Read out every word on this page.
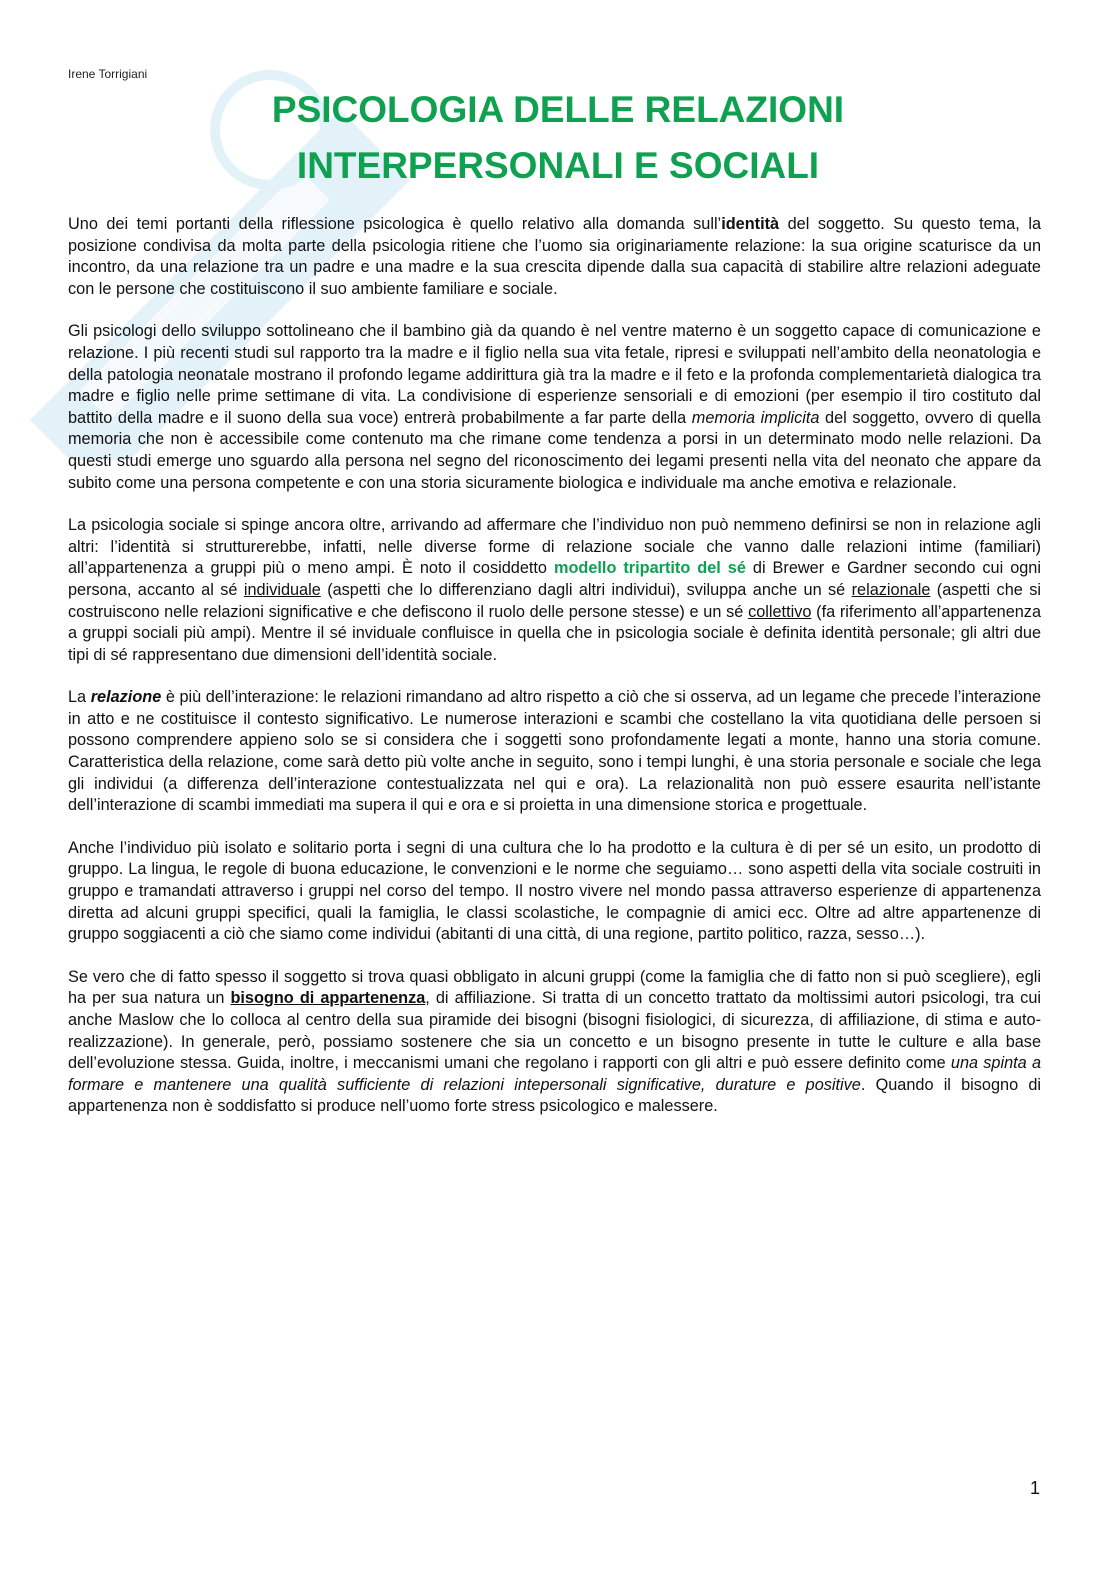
Irene Torrigiani
PSICOLOGIA DELLE RELAZIONI
INTERPERSONALI E SOCIALI

Uno dei temi portanti della riflessione psicologica è quello relativo alla domanda sull’identità del soggetto. Su questo tema, la posizione condivisa da molta parte della psicologia ritiene che l’uomo sia originariamente relazione: la sua origine scaturisce da un incontro, da una relazione tra un padre e una madre e la sua crescita dipende dalla sua capacità di stabilire altre relazioni adeguate con le persone che costituiscono il suo ambiente familiare e sociale.

Gli psicologi dello sviluppo sottolineano che il bambino già da quando è nel ventre materno è un soggetto capace di comunicazione e relazione. I più recenti studi sul rapporto tra la madre e il figlio nella sua vita fetale, ripresi e sviluppati nell’ambito della neonatologia e della patologia neonatale mostrano il profondo legame addirittura già tra la madre e il feto e la profonda complementarietà dialogica tra madre e figlio nelle prime settimane di vita. La condivisione di esperienze sensoriali e di emozioni (per esempio il tiro costituto dal battito della madre e il suono della sua voce) entrerà probabilmente a far parte della memoria implicita del soggetto, ovvero di quella memoria che non è accessibile come contenuto ma che rimane come tendenza a porsi in un determinato modo nelle relazioni. Da questi studi emerge uno sguardo alla persona nel segno del riconoscimento dei legami presenti nella vita del neonato che appare da subito come una persona competente e con una storia sicuramente biologica e individuale ma anche emotiva e relazionale.

La psicologia sociale si spinge ancora oltre, arrivando ad affermare che l’individuo non può nemmeno definirsi se non in relazione agli altri: l’identità si strutturerebbe, infatti, nelle diverse forme di relazione sociale che vanno dalle relazioni intime (familiari) all’appartenenza a gruppi più o meno ampi. È noto il cosiddetto modello tripartito del sé di Brewer e Gardner secondo cui ogni persona, accanto al sé individuale (aspetti che lo differenziano dagli altri individui), sviluppa anche un sé relazionale (aspetti che si costruiscono nelle relazioni significative e che defiscono il ruolo delle persone stesse) e un sé collettivo (fa riferimento all’appartenenza a gruppi sociali più ampi). Mentre il sé inviduale confluisce in quella che in psicologia sociale è definita identità personale; gli altri due tipi di sé rappresentano due dimensioni dell’identità sociale.

La relazione è più dell’interazione: le relazioni rimandano ad altro rispetto a ciò che si osserva, ad un legame che precede l’interazione in atto e ne costituisce il contesto significativo. Le numerose interazioni e scambi che costellano la vita quotidiana delle persoen si possono comprendere appieno solo se si considera che i soggetti sono profondamente legati a monte, hanno una storia comune. Caratteristica della relazione, come sarà detto più volte anche in seguito, sono i tempi lunghi, è una storia personale e sociale che lega gli individui (a differenza dell’interazione contestualizzata nel qui e ora). La relazionalità non può essere esaurita nell’istante dell’interazione di scambi immediati ma supera il qui e ora e si proietta in una dimensione storica e progettuale.

Anche l’individuo più isolato e solitario porta i segni di una cultura che lo ha prodotto e la cultura è di per sé un esito, un prodotto di gruppo. La lingua, le regole di buona educazione, le convenzioni e le norme che seguiamo… sono aspetti della vita sociale costruiti in gruppo e tramandati attraverso i gruppi nel corso del tempo. Il nostro vivere nel mondo passa attraverso esperienze di appartenenza diretta ad alcuni gruppi specifici, quali la famiglia, le classi scolastiche, le compagnie di amici ecc. Oltre ad altre appartenenze di gruppo soggiacenti a ciò che siamo come individui (abitanti di una città, di una regione, partito politico, razza, sesso…).

Se vero che di fatto spesso il soggetto si trova quasi obbligato in alcuni gruppi (come la famiglia che di fatto non si può scegliere), egli ha per sua natura un bisogno di appartenenza, di affiliazione. Si tratta di un concetto trattato da moltissimi autori psicologi, tra cui anche Maslow che lo colloca al centro della sua piramide dei bisogni (bisogni fisiologici, di sicurezza, di affiliazione, di stima e auto-realizzazione). In generale, però, possiamo sostenere che sia un concetto e un bisogno presente in tutte le culture e alla base dell’evoluzione stessa. Guida, inoltre, i meccanismi umani che regolano i rapporti con gli altri e può essere definito come una spinta a formare e mantenere una qualità sufficiente di relazioni intepersonali significative, durature e positive. Quando il bisogno di appartenenza non è soddisfatto si produce nell’uomo forte stress psicologico e malessere.

1
